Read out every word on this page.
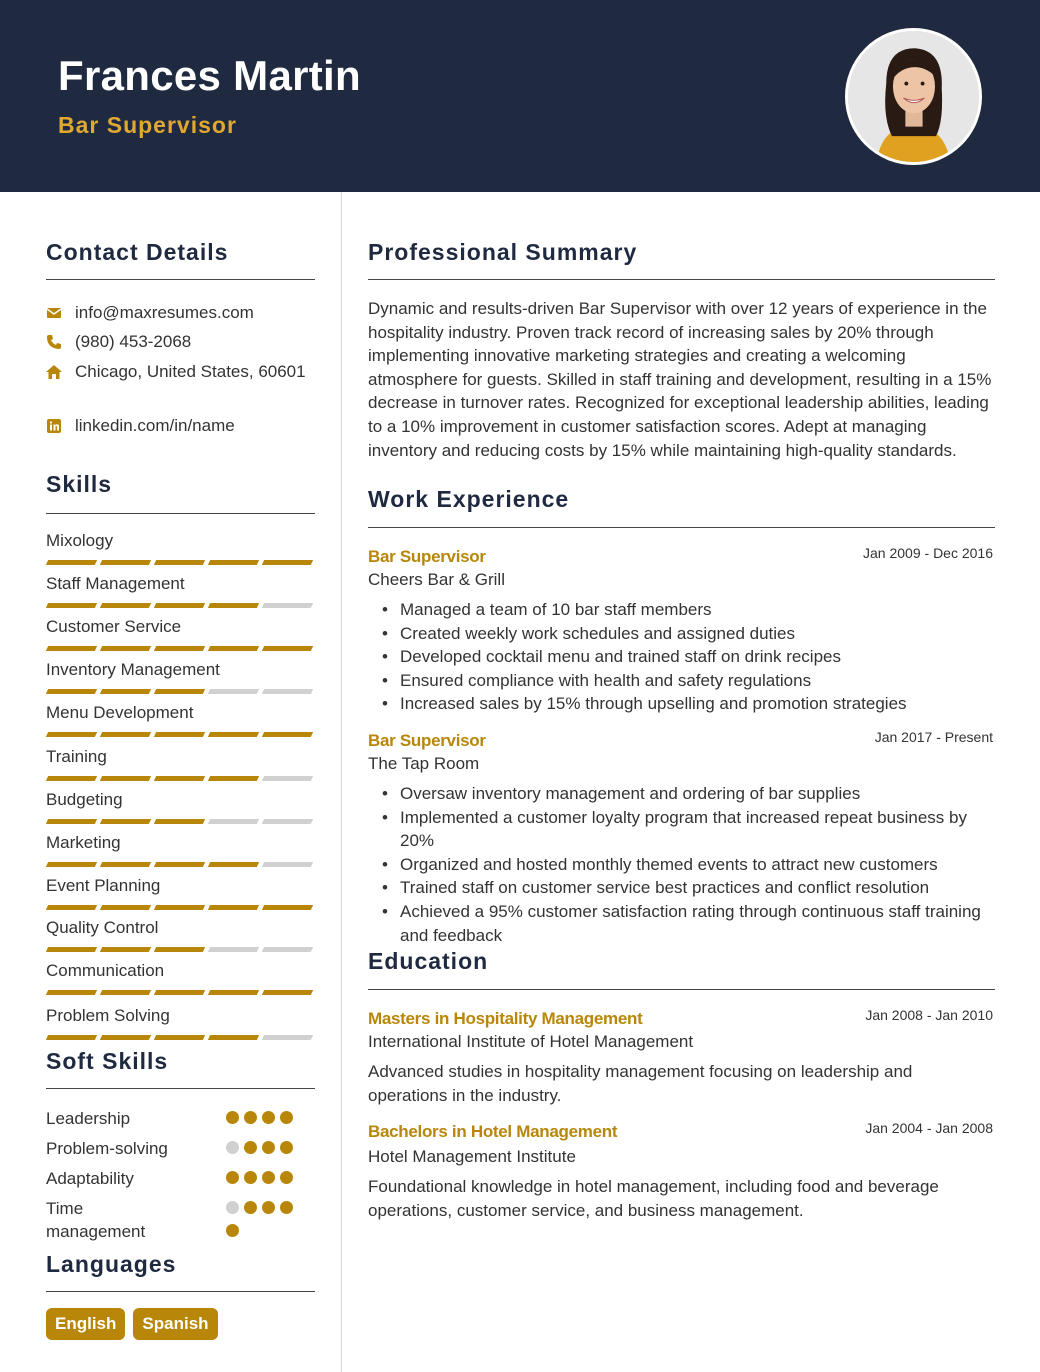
Frances Martin
Bar Supervisor
Contact Details
info@maxresumes.com
(980) 453-2068
Chicago, United States, 60601
linkedin.com/in/name
Skills
Mixology
Staff Management
Customer Service
Inventory Management
Menu Development
Training
Budgeting
Marketing
Event Planning
Quality Control
Communication
Problem Solving
Soft Skills
Leadership
Problem-solving
Adaptability
Time management
Languages
English	Spanish
Professional Summary
Dynamic and results-driven Bar Supervisor with over 12 years of experience in the hospitality industry. Proven track record of increasing sales by 20% through implementing innovative marketing strategies and creating a welcoming atmosphere for guests. Skilled in staff training and development, resulting in a 15% decrease in turnover rates. Recognized for exceptional leadership abilities, leading to a 10% improvement in customer satisfaction scores. Adept at managing inventory and reducing costs by 15% while maintaining high-quality standards.
Work Experience
Bar Supervisor	Jan 2009 - Dec 2016
Cheers Bar & Grill
• Managed a team of 10 bar staff members
• Created weekly work schedules and assigned duties
• Developed cocktail menu and trained staff on drink recipes
• Ensured compliance with health and safety regulations
• Increased sales by 15% through upselling and promotion strategies
Bar Supervisor	Jan 2017 - Present
The Tap Room
• Oversaw inventory management and ordering of bar supplies
• Implemented a customer loyalty program that increased repeat business by 20%
• Organized and hosted monthly themed events to attract new customers
• Trained staff on customer service best practices and conflict resolution
• Achieved a 95% customer satisfaction rating through continuous staff training and feedback
Education
Masters in Hospitality Management	Jan 2008 - Jan 2010
International Institute of Hotel Management
Advanced studies in hospitality management focusing on leadership and operations in the industry.
Bachelors in Hotel Management	Jan 2004 - Jan 2008
Hotel Management Institute
Foundational knowledge in hotel management, including food and beverage operations, customer service, and business management.
